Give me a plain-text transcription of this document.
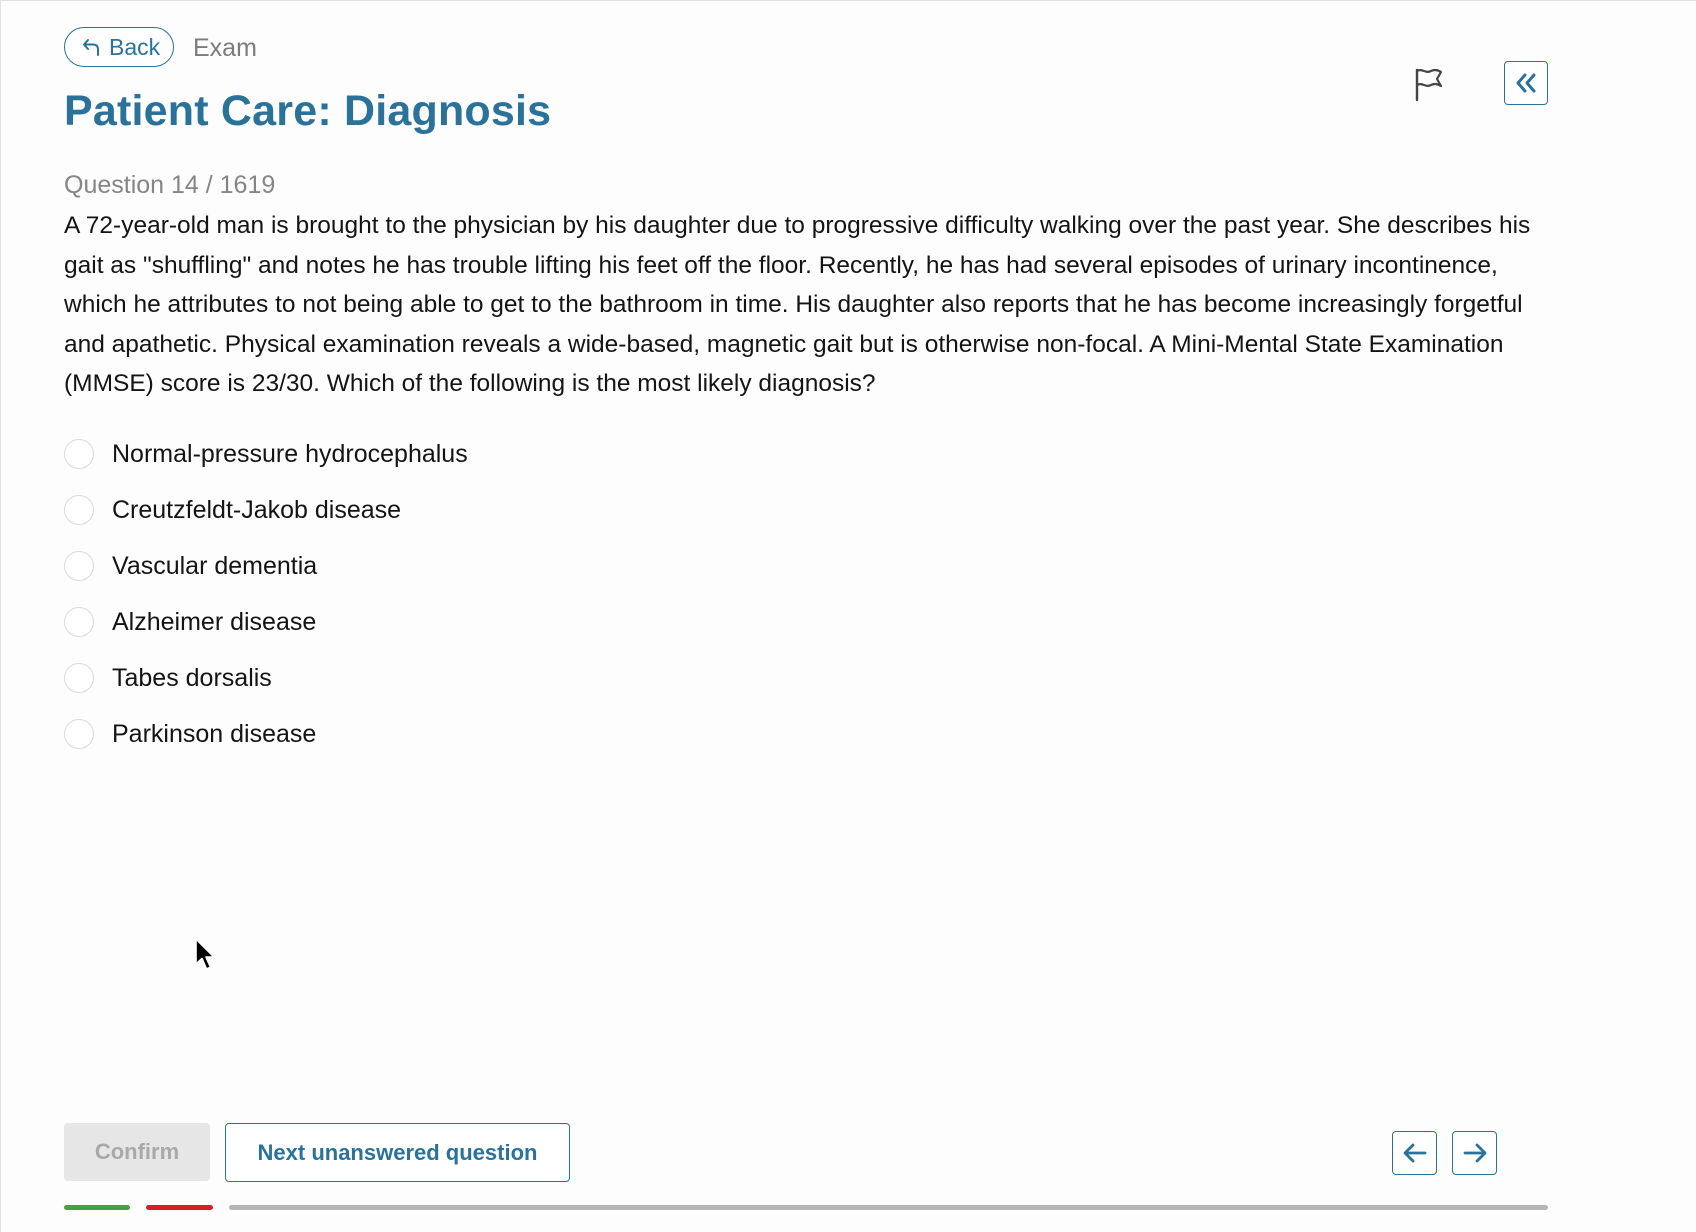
Back Exam
Patient Care: Diagnosis
Question 14 / 1619

A 72-year-old man is brought to the physician by his daughter due to progressive difficulty walking over the past year. She describes his gait as "shuffling" and notes he has trouble lifting his feet off the floor. Recently, he has had several episodes of urinary incontinence, which he attributes to not being able to get to the bathroom in time. His daughter also reports that he has become increasingly forgetful and apathetic. Physical examination reveals a wide-based, magnetic gait but is otherwise non-focal. A Mini-Mental State Examination (MMSE) score is 23/30. Which of the following is the most likely diagnosis?

Normal-pressure hydrocephalus
Creutzfeldt-Jakob disease
Vascular dementia
Alzheimer disease
Tabes dorsalis
Parkinson disease
Confirm	Next unanswered question
